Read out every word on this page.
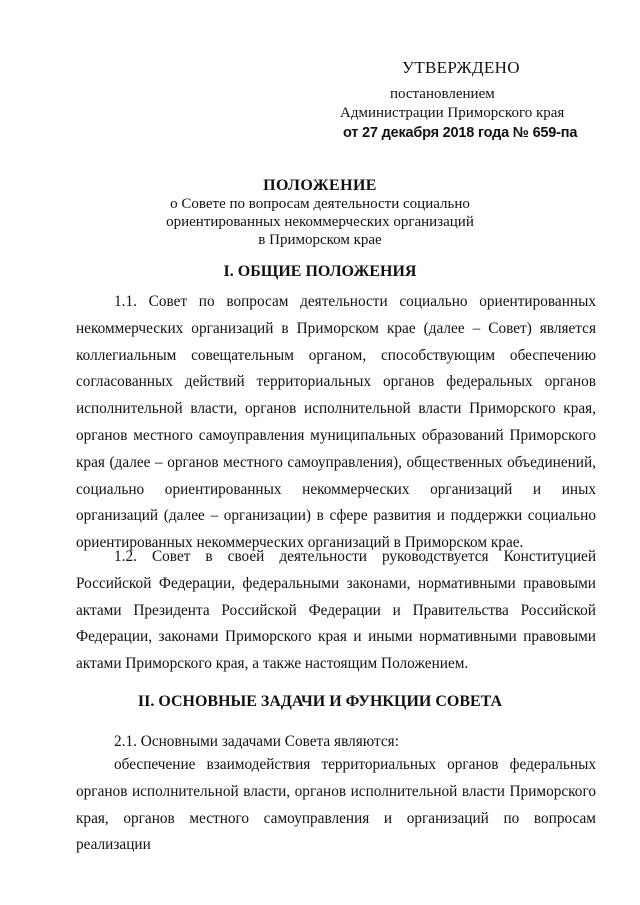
УТВЕРЖДЕНО
постановлением
Администрации Приморского края
от 27 декабря 2018 года № 659-па
ПОЛОЖЕНИЕ
о Совете по вопросам деятельности социально
ориентированных некоммерческих организаций
в Приморском крае
I. ОБЩИЕ ПОЛОЖЕНИЯ

1.1. Совет по вопросам деятельности социально ориентированных некоммерческих организаций в Приморском крае (далее – Совет) является коллегиальным совещательным органом, способствующим обеспечению согласованных действий территориальных органов федеральных органов исполнительной власти, органов исполнительной власти Приморского края, органов местного самоуправления муниципальных образований Приморского края (далее – органов местного самоуправления), общественных объединений, социально ориентированных некоммерческих организаций и иных организаций (далее – организации) в сфере развития и поддержки социально ориентированных некоммерческих организаций в Приморском крае.

1.2. Совет в своей деятельности руководствуется Конституцией Российской Федерации, федеральными законами, нормативными правовыми актами Президента Российской Федерации и Правительства Российской Федерации, законами Приморского края и иными нормативными правовыми актами Приморского края, а также настоящим Положением.

II. ОСНОВНЫЕ ЗАДАЧИ И ФУНКЦИИ СОВЕТА

2.1. Основными задачами Совета являются:

обеспечение взаимодействия территориальных органов федеральных органов исполнительной власти, органов исполнительной власти Приморского края, органов местного самоуправления и организаций по вопросам реализации
